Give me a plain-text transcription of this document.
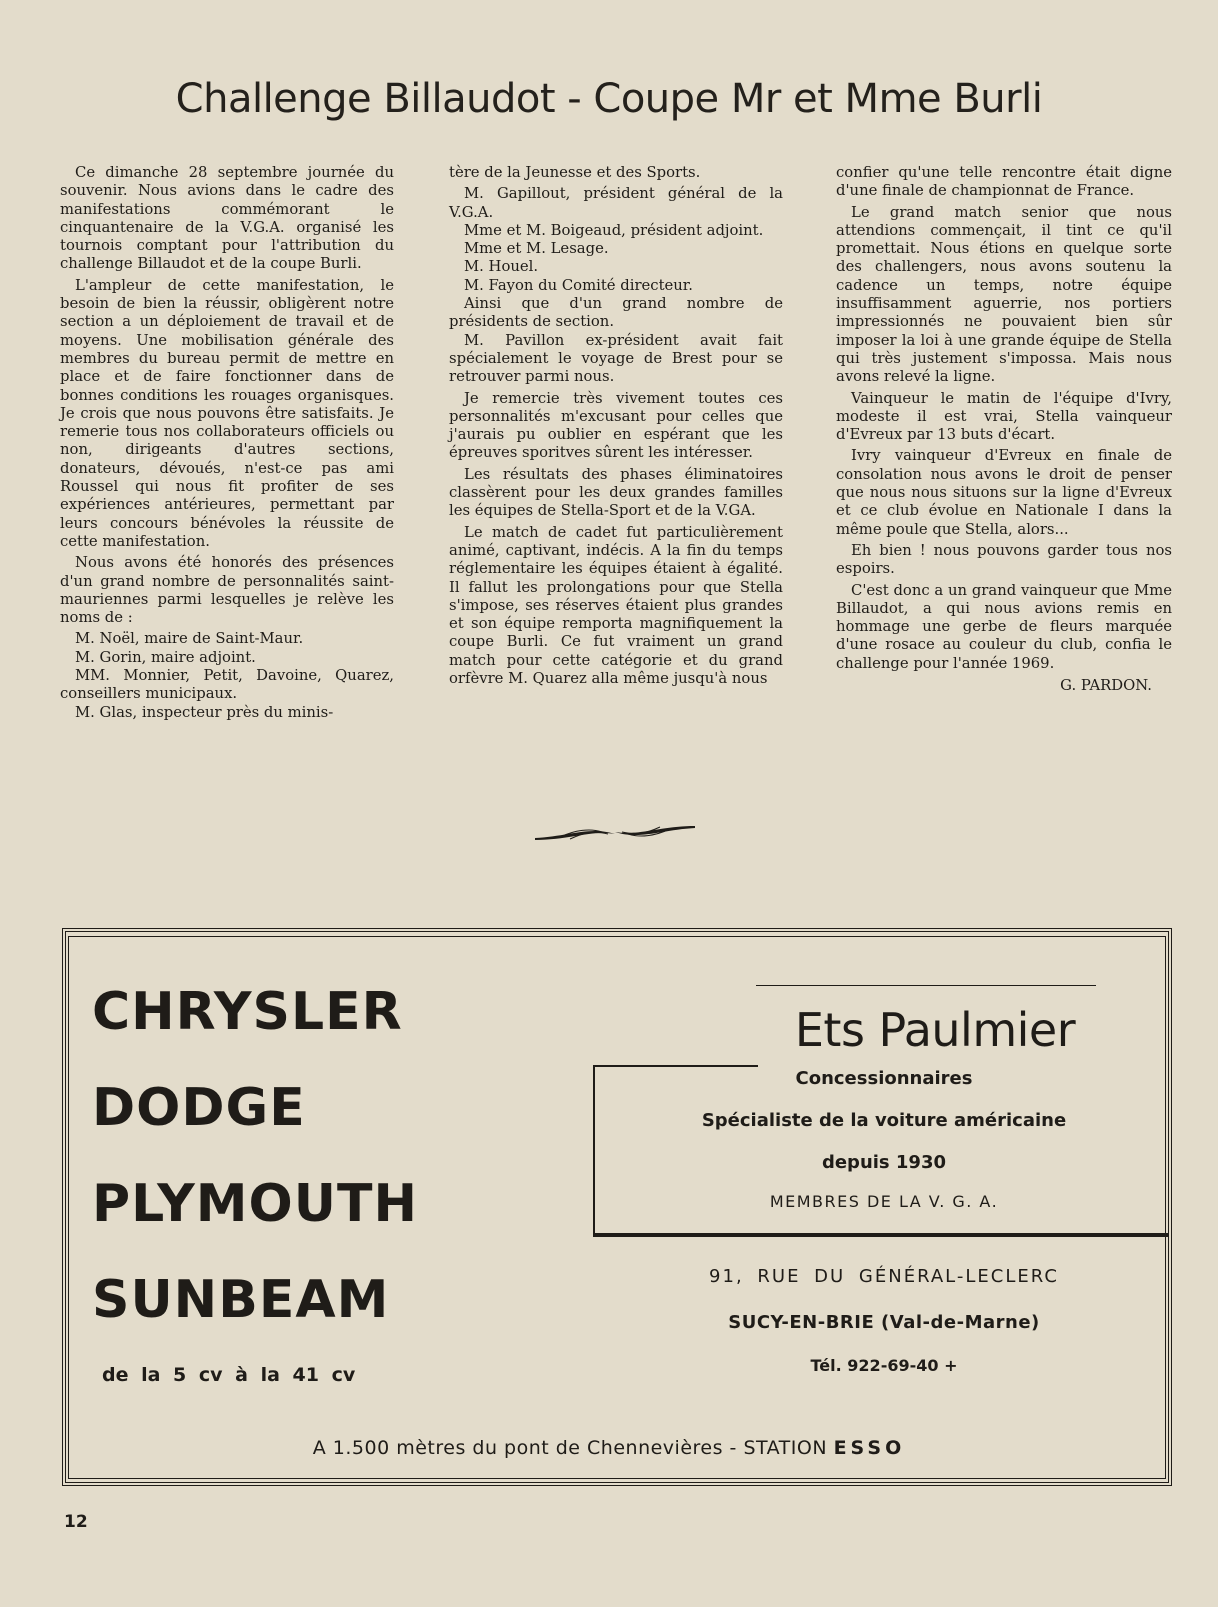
Challenge Billaudot - Coupe Mr et Mme Burli

Ce dimanche 28 septembre journée du souvenir. Nous avions dans le cadre des manifestations commémorant le cinquantenaire de la V.G.A. organisé les tournois comptant pour l'attribution du challenge Billaudot et de la coupe Burli.

L'ampleur de cette manifestation, le besoin de bien la réussir, obligèrent notre section a un déploiement de travail et de moyens. Une mobilisation générale des membres du bureau permit de mettre en place et de faire fonctionner dans de bonnes conditions les rouages organisques. Je crois que nous pouvons être satisfaits. Je remerie tous nos collaborateurs officiels ou non, dirigeants d'autres sections, donateurs, dévoués, n'est-ce pas ami Roussel qui nous fit profiter de ses expériences antérieures, permettant par leurs concours bénévoles la réussite de cette manifestation.

Nous avons été honorés des présences d'un grand nombre de personnalités saint-mauriennes parmi lesquelles je relève les noms de :

M. Noël, maire de Saint-Maur.

M. Gorin, maire adjoint.

MM. Monnier, Petit, Davoine, Quarez, conseillers municipaux.

M. Glas, inspecteur près du minis-

tère de la Jeunesse et des Sports.

M. Gapillout, président général de la V.G.A.

Mme et M. Boigeaud, président adjoint.

Mme et M. Lesage.

M. Houel.

M. Fayon du Comité directeur.

Ainsi que d'un grand nombre de présidents de section.

M. Pavillon ex-président avait fait spécialement le voyage de Brest pour se retrouver parmi nous.

Je remercie très vivement toutes ces personnalités m'excusant pour celles que j'aurais pu oublier en espérant que les épreuves sporitves sûrent les intéresser.

Les résultats des phases éliminatoires classèrent pour les deux grandes familles les équipes de Stella-Sport et de la V.GA.

Le match de cadet fut particulièrement animé, captivant, indécis. A la fin du temps réglementaire les équipes étaient à égalité. Il fallut les prolongations pour que Stella s'impose, ses réserves étaient plus grandes et son équipe remporta magnifiquement la coupe Burli. Ce fut vraiment un grand match pour cette catégorie et du grand orfèvre M. Quarez alla même jusqu'à nous

confier qu'une telle rencontre était digne d'une finale de championnat de France.

Le grand match senior que nous attendions commençait, il tint ce qu'il promettait. Nous étions en quelque sorte des challengers, nous avons soutenu la cadence un temps, notre équipe insuffisamment aguerrie, nos portiers impressionnés ne pouvaient bien sûr imposer la loi à une grande équipe de Stella qui très justement s'impossa. Mais nous avons relevé la ligne.

Vainqueur le matin de l'équipe d'Ivry, modeste il est vrai, Stella vainqueur d'Evreux par 13 buts d'écart.

Ivry vainqueur d'Evreux en finale de consolation nous avons le droit de penser que nous nous situons sur la ligne d'Evreux et ce club évolue en Nationale I dans la même poule que Stella, alors...

Eh bien ! nous pouvons garder tous nos espoirs.

C'est donc a un grand vainqueur que Mme Billaudot, a qui nous avions remis en hommage une gerbe de fleurs marquée d'une rosace au couleur du club, confia le challenge pour l'année 1969.

G. PARDON.

CHRYSLER
DODGE
PLYMOUTH
SUNBEAM
de la 5 cv à la 41 cv
Ets Paulmier
Concessionnaires
Spécialiste de la voiture américaine
depuis 1930
MEMBRES DE LA V. G. A.
91, RUE DU GÉNÉRAL-LECLERC
SUCY-EN-BRIE (Val-de-Marne)
Tél. 922-69-40 +
A 1.500 mètres du pont de Chennevières - STATION ESSO
12
